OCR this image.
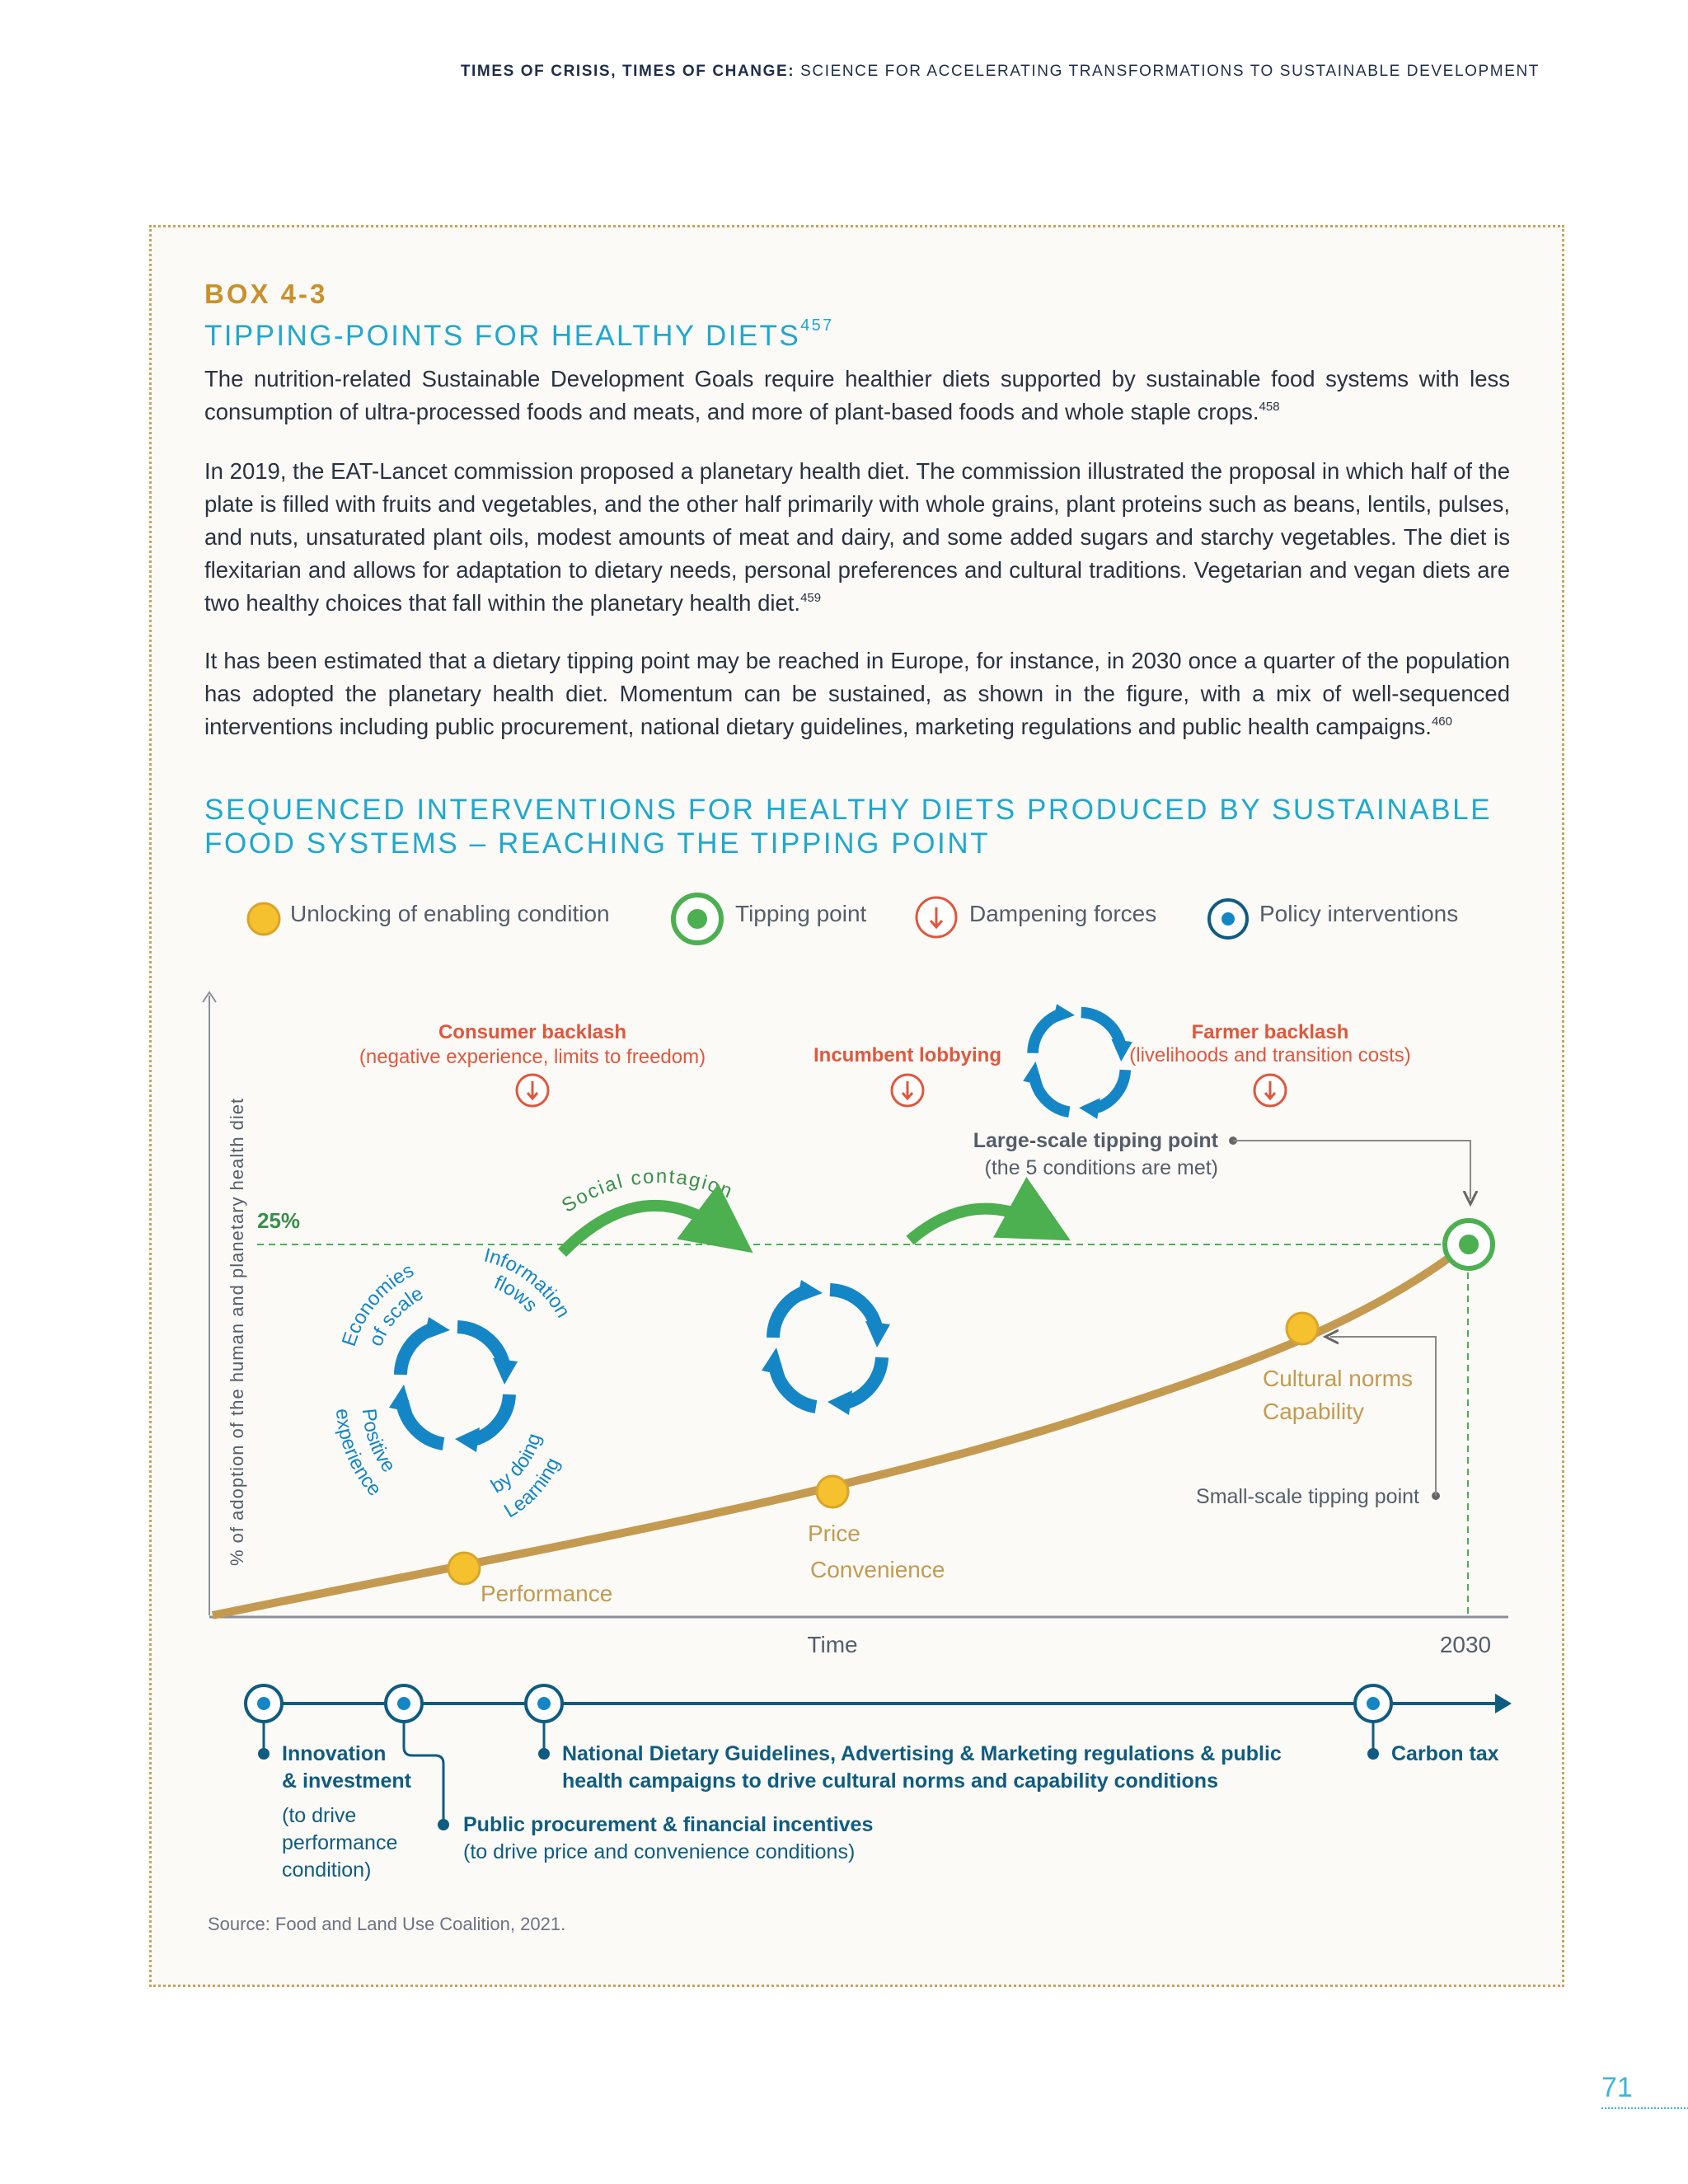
TIMES OF CRISIS, TIMES OF CHANGE: SCIENCE FOR ACCELERATING TRANSFORMATIONS TO SUSTAINABLE DEVELOPMENT
BOX 4-3
TIPPING-POINTS FOR HEALTHY DIETS$^{457}$
The nutrition-related Sustainable Development Goals require healthier diets supported by sustainable food systems with less consumption of ultra-processed foods and meats, and more of plant-based foods and whole staple crops.$^{458}$
In 2019, the EAT-Lancet commission proposed a planetary health diet. The commission illustrated the proposal in which half of the plate is filled with fruits and vegetables, and the other half primarily with whole grains, plant proteins such as beans, lentils, pulses, and nuts, unsaturated plant oils, modest amounts of meat and dairy, and some added sugars and starchy vegetables. The diet is flexitarian and allows for adaptation to dietary needs, personal preferences and cultural traditions. Vegetarian and vegan diets are two healthy choices that fall within the planetary health diet.$^{459}$
It has been estimated that a dietary tipping point may be reached in Europe, for instance, in 2030 once a quarter of the population has adopted the planetary health diet. Momentum can be sustained, as shown in the figure, with a mix of well-sequenced interventions including public procurement, national dietary guidelines, marketing regulations and public health campaigns.$^{460}$
SEQUENCED INTERVENTIONS FOR HEALTHY DIETS PRODUCED BY SUSTAINABLE FOOD SYSTEMS – REACHING THE TIPPING POINT
Unlocking of enabling condition	Tipping point	Dampening forces	Policy interventions
% of adoption of the human and planetary health diet
Time	2030
25%
Performance
Price
Convenience
Cultural norms
Capability
Large-scale tipping point
(the 5 conditions are met)
Small-scale tipping point
Consumer backlash
(negative experience, limits to freedom)	Incumbent lobbying
Farmer backlash
(livelihoods and transition costs)
Social contagion
Economies
of scale
Information
flows
Learning
by doing
Positive
experience
Innovation
& investment
(to drive
performance
condition)
Public procurement & financial incentives
(to drive price and convenience conditions)
National Dietary Guidelines, Advertising & Marketing regulations & public health campaigns to drive cultural norms and capability conditions
Carbon tax
Source: Food and Land Use Coalition, 2021.
71
